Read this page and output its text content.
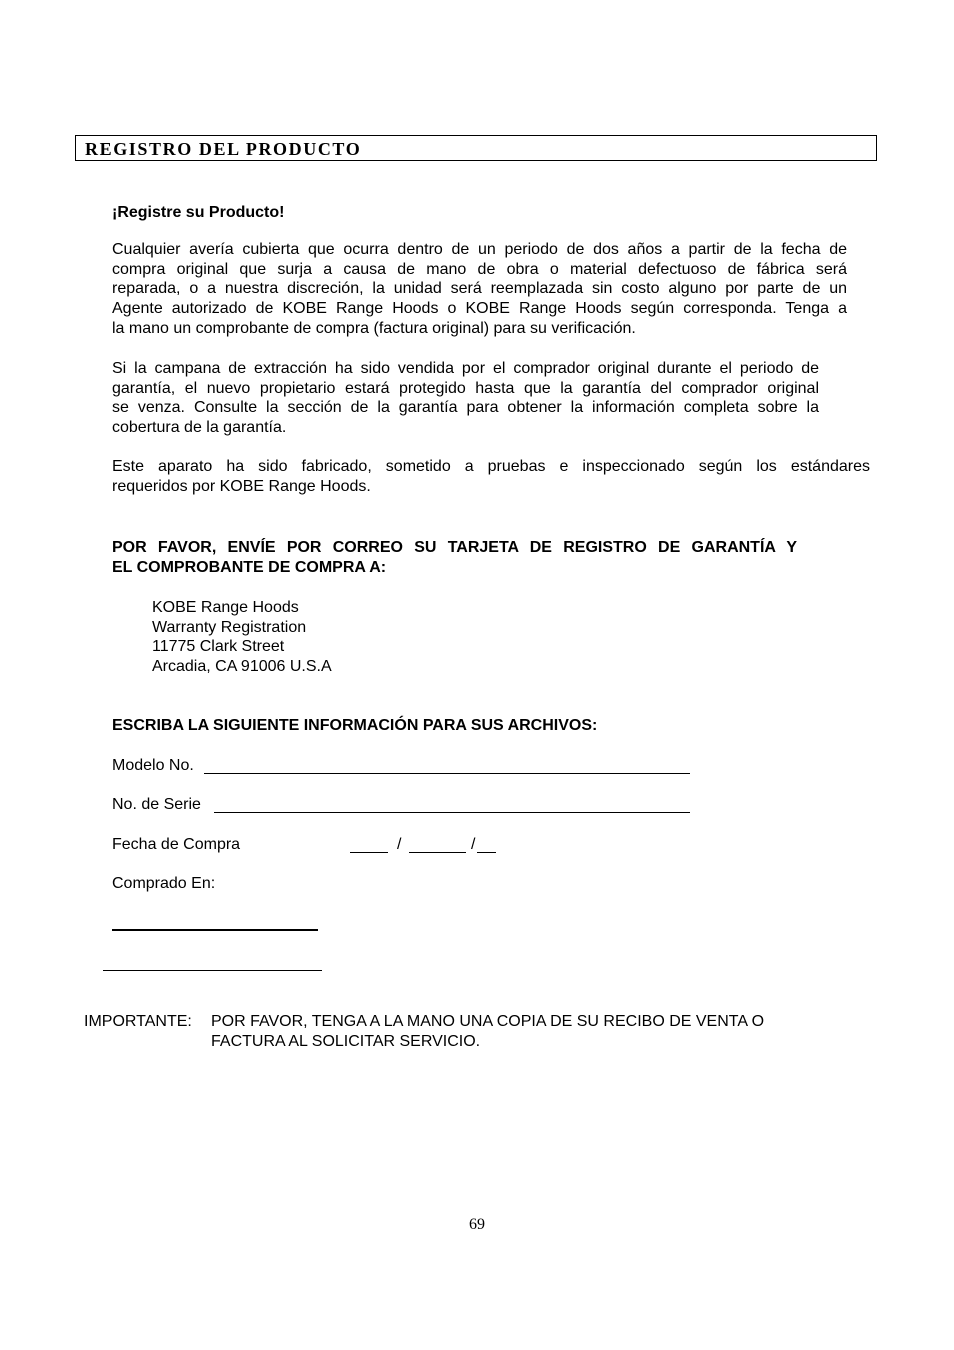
REGISTRO DEL PRODUCTO
¡Registre su Producto!
Cualquier avería cubierta que ocurra dentro de un periodo de dos años a partir de la fecha de
compra original que surja a causa de mano de obra o material defectuoso de fábrica será
reparada, o a nuestra discreción, la unidad será reemplazada sin costo alguno por parte de un
Agente autorizado de KOBE Range Hoods o KOBE Range Hoods según corresponda. Tenga a
la mano un comprobante de compra (factura original) para su verificación.
Si la campana de extracción ha sido vendida por el comprador original durante el periodo de
garantía, el nuevo propietario estará protegido hasta que la garantía del comprador original
se venza. Consulte la sección de la garantía para obtener la información completa sobre la
cobertura de la garantía.
Este aparato ha sido fabricado, sometido a pruebas e inspeccionado según los estándares
requeridos por KOBE Range Hoods.
POR FAVOR, ENVÍE POR CORREO SU TARJETA DE REGISTRO DE GARANTÍA Y
EL COMPROBANTE DE COMPRA A:
KOBE Range Hoods
Warranty Registration
11775 Clark Street
Arcadia, CA 91006 U.S.A
ESCRIBA LA SIGUIENTE INFORMACIÓN PARA SUS ARCHIVOS:
Modelo No.
No. de Serie
Fecha de Compra	/	/
Comprado En:
IMPORTANTE: POR FAVOR, TENGA A LA MANO UNA COPIA DE SU RECIBO DE VENTA O
FACTURA AL SOLICITAR SERVICIO.
69
